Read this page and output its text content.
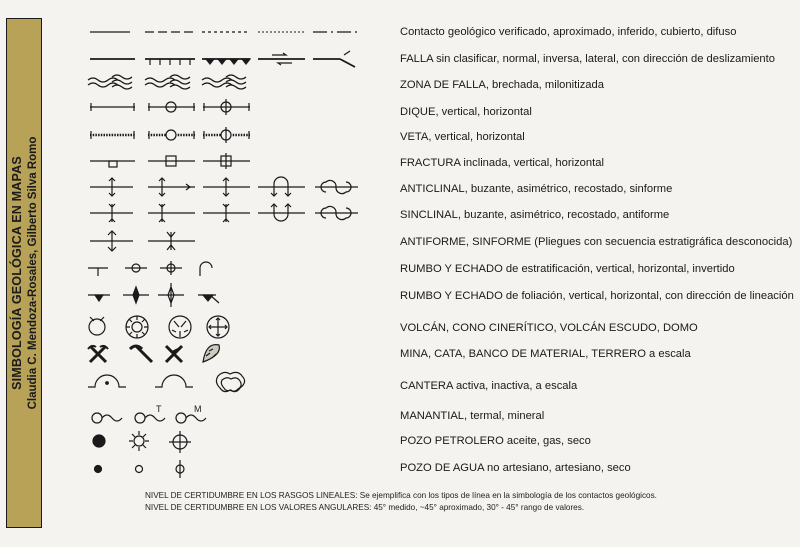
SIMBOLOGÍA GEOLÓGICA EN MAPAS Claudia C. Mendoza-Rosales, Gilberto Silva Romo	T	M
Contacto geológico verificado, aproximado, inferido, cubierto, difuso
FALLA sin clasificar, normal, inversa, lateral, con dirección de deslizamiento
ZONA DE FALLA, brechada, milonitizada
DIQUE, vertical, horizontal
VETA, vertical, horizontal
FRACTURA inclinada, vertical, horizontal
ANTICLINAL, buzante, asimétrico, recostado, sinforme
SINCLINAL, buzante, asimétrico, recostado, antiforme
ANTIFORME, SINFORME (Pliegues con secuencia estratigráfica desconocida)
RUMBO Y ECHADO de estratificación, vertical, horizontal, invertido
RUMBO Y ECHADO de foliación, vertical, horizontal, con dirección de lineación
VOLCÁN, CONO CINERÍTICO, VOLCÁN ESCUDO, DOMO
MINA, CATA, BANCO DE MATERIAL, TERRERO a escala
CANTERA activa, inactiva, a escala
MANANTIAL, termal, mineral
POZO PETROLERO aceite, gas, seco
POZO DE AGUA no artesiano, artesiano, seco
NIVEL DE CERTIDUMBRE EN LOS RASGOS LINEALES: Se ejemplifica con los tipos de línea en la simbología de los contactos geológicos.
NIVEL DE CERTIDUMBRE EN LOS VALORES ANGULARES: 45° medido, ~45° aproximado, 30° - 45° rango de valores.
